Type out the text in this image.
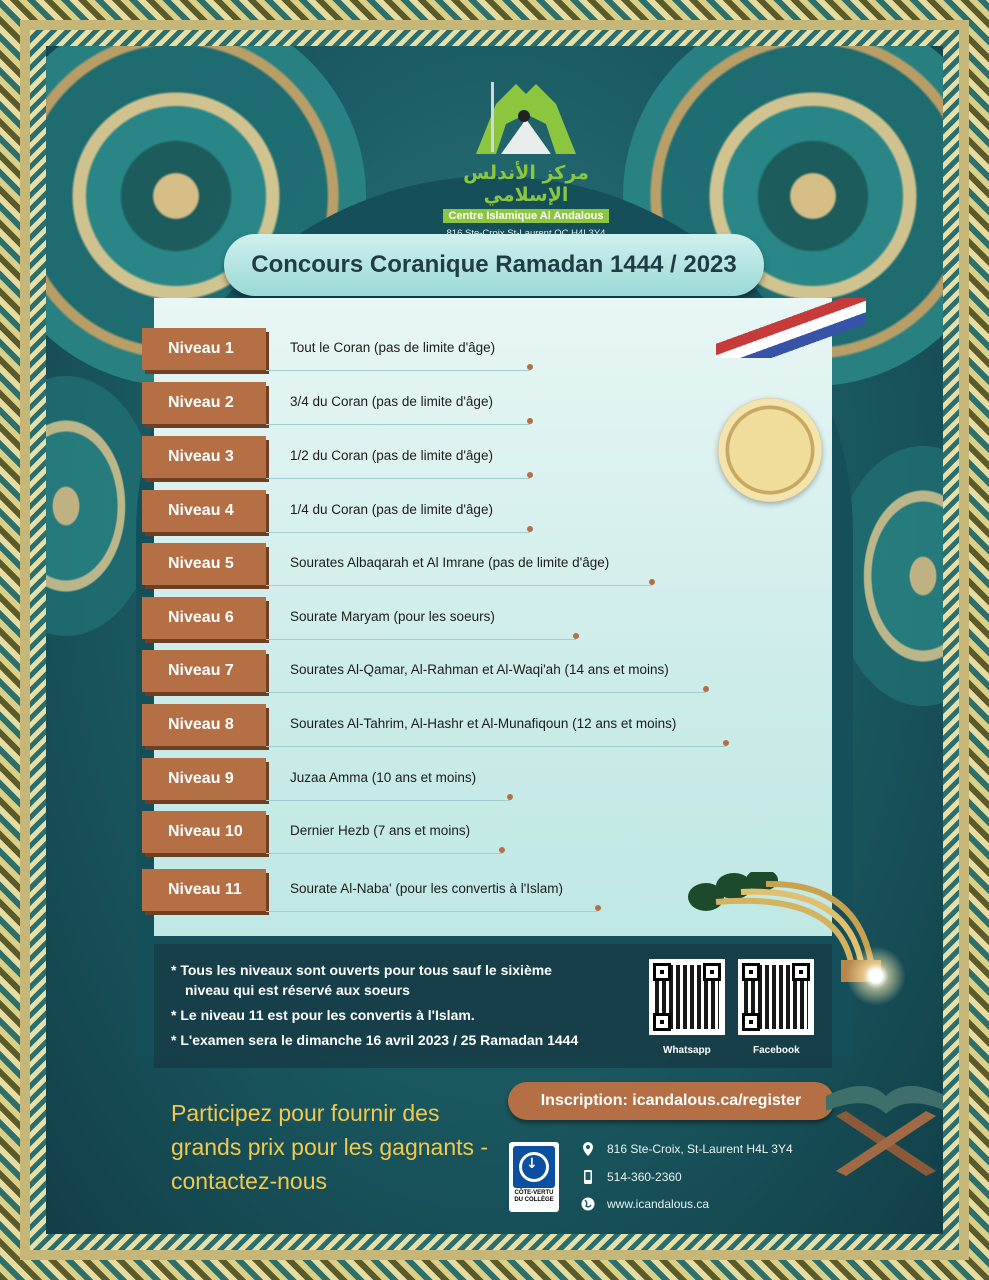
مركز الأندلس الإسلامي
Centre Islamique Al Andalous
Concours Coranique Ramadan 1444 / 2023
Niveau 1	Tout le Coran (pas de limite d'âge)
Niveau 2	3/4 du Coran (pas de limite d'âge)
Niveau 3	1/2 du Coran (pas de limite d'âge)
Niveau 4	1/4 du Coran (pas de limite d'âge)
Niveau 5	Sourates Albaqarah et Al Imrane (pas de limite d'âge)
Niveau 6	Sourate Maryam (pour les soeurs)
Niveau 7	Sourates Al-Qamar, Al-Rahman et Al-Waqi'ah (14 ans et moins)
Niveau 8	Sourates Al-Tahrim, Al-Hashr et Al-Munafiqoun (12 ans et moins)
Niveau 9	Juzaa Amma (10 ans et moins)
Niveau 10	Dernier Hezb (7 ans et moins)
Niveau 11	Sourate Al-Naba' (pour les convertis à l'Islam)
* Tous les niveaux sont ouverts pour tous sauf le sixième
niveau qui est réservé aux soeurs
* Le niveau 11 est pour les convertis à l'Islam.
* L'examen sera le dimanche 16 avril 2023 / 25 Ramadan 1444
Whatsapp	Facebook
Participez pour fournir des grands prix pour les gagnants - contactez-nous
Inscription: icandalous.ca/register
↓
CÔTE-VERTU
DU COLLÈGE
816 Ste-Croix, St-Laurent H4L 3Y4
514-360-2360
www.icandalous.ca
